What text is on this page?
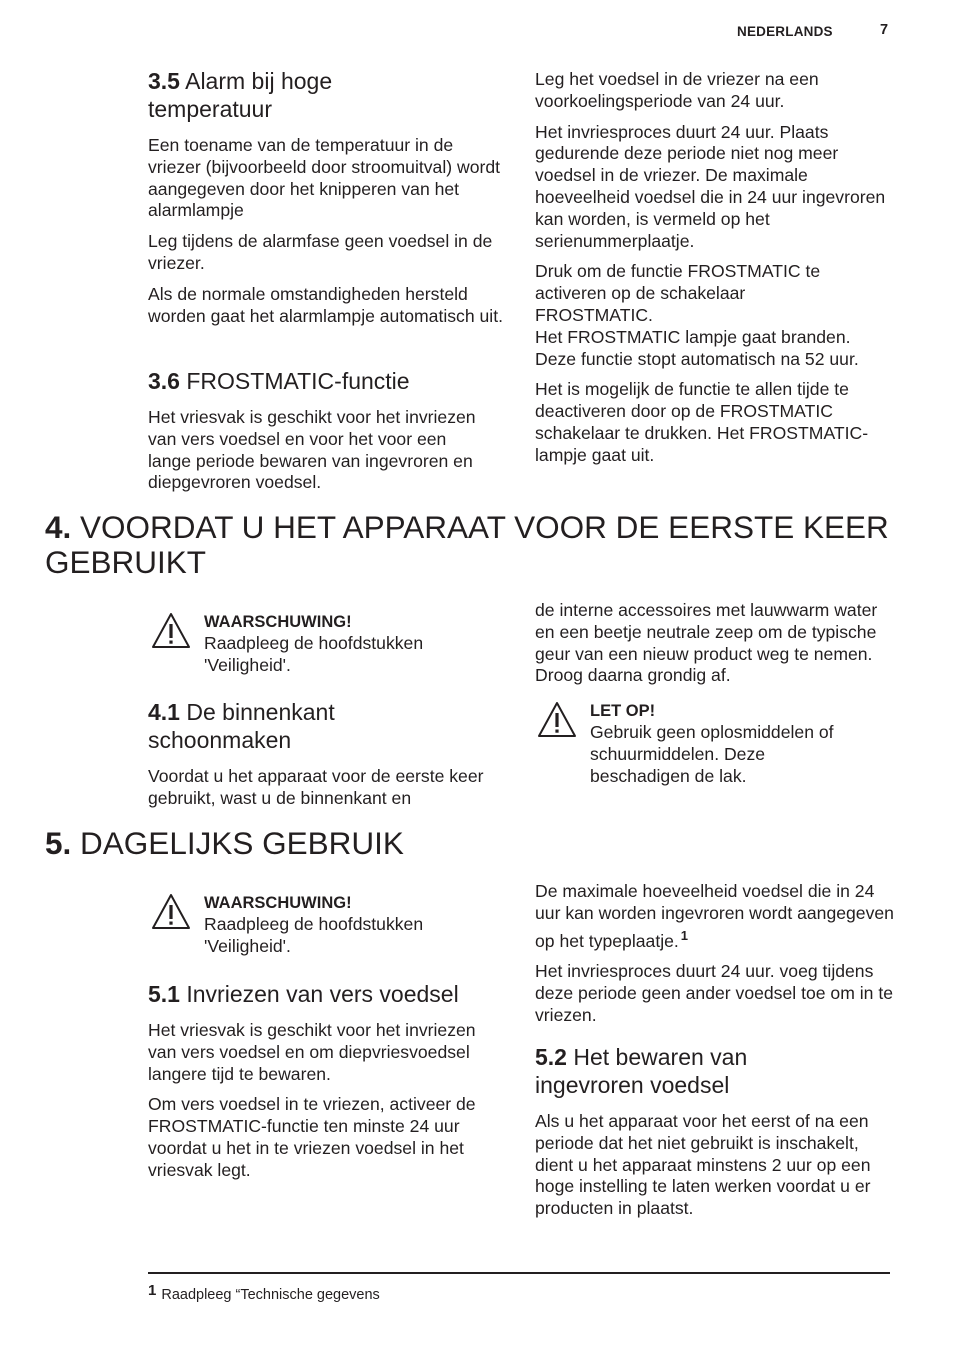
NEDERLANDS	7
3.5 Alarm bij hoge temperatuur

Een toename van de temperatuur in de vriezer (bijvoorbeeld door stroomuitval) wordt aangegeven door het knipperen van het alarmlampje

Leg tijdens de alarmfase geen voedsel in de vriezer.

Als de normale omstandigheden hersteld worden gaat het alarmlampje automatisch uit.

3.6 FROSTMATIC-functie

Het vriesvak is geschikt voor het invriezen van vers voedsel en voor het voor een lange periode bewaren van ingevroren en diepgevroren voedsel.

Leg het voedsel in de vriezer na een voorkoelingsperiode van 24 uur.

Het invriesproces duurt 24 uur. Plaats gedurende deze periode niet nog meer voedsel in de vriezer. De maximale hoeveelheid voedsel die in 24 uur ingevroren kan worden, is vermeld op het serienummerplaatje.

Druk om de functie FROSTMATIC te activeren op de schakelaar FROSTMATIC.

Het FROSTMATIC lampje gaat branden. Deze functie stopt automatisch na 52 uur.

Het is mogelijk de functie te allen tijde te deactiveren door op de FROSTMATIC schakelaar te drukken. Het FROSTMATIC-lampje gaat uit.

4. VOORDAT U HET APPARAAT VOOR DE EERSTE KEER GEBRUIKT
WAARSCHUWING!

Raadpleeg de hoofdstukken 'Veiligheid'.

4.1 De binnenkant schoonmaken

Voordat u het apparaat voor de eerste keer gebruikt, wast u de binnenkant en

de interne accessoires met lauwwarm water en een beetje neutrale zeep om de typische geur van een nieuw product weg te nemen. Droog daarna grondig af.

LET OP!

Gebruik geen oplosmiddelen of schuurmiddelen. Deze beschadigen de lak.

5. DAGELIJKS GEBRUIK
WAARSCHUWING!

Raadpleeg de hoofdstukken 'Veiligheid'.

5.1 Invriezen van vers voedsel

Het vriesvak is geschikt voor het invriezen van vers voedsel en om diepvriesvoedsel langere tijd te bewaren.

Om vers voedsel in te vriezen, activeer de FROSTMATIC-functie ten minste 24 uur voordat u het in te vriezen voedsel in het vriesvak legt.

De maximale hoeveelheid voedsel die in 24 uur kan worden ingevroren wordt aangegeven op het typeplaatje. $^1$

Het invriesproces duurt 24 uur. voeg tijdens deze periode geen ander voedsel toe om in te vriezen.

5.2 Het bewaren van ingevroren voedsel

Als u het apparaat voor het eerst of na een periode dat het niet gebruikt is inschakelt, dient u het apparaat minstens 2 uur op een hoge instelling te laten werken voordat u er producten in plaatst.

1 Raadpleeg “Technische gegevens
